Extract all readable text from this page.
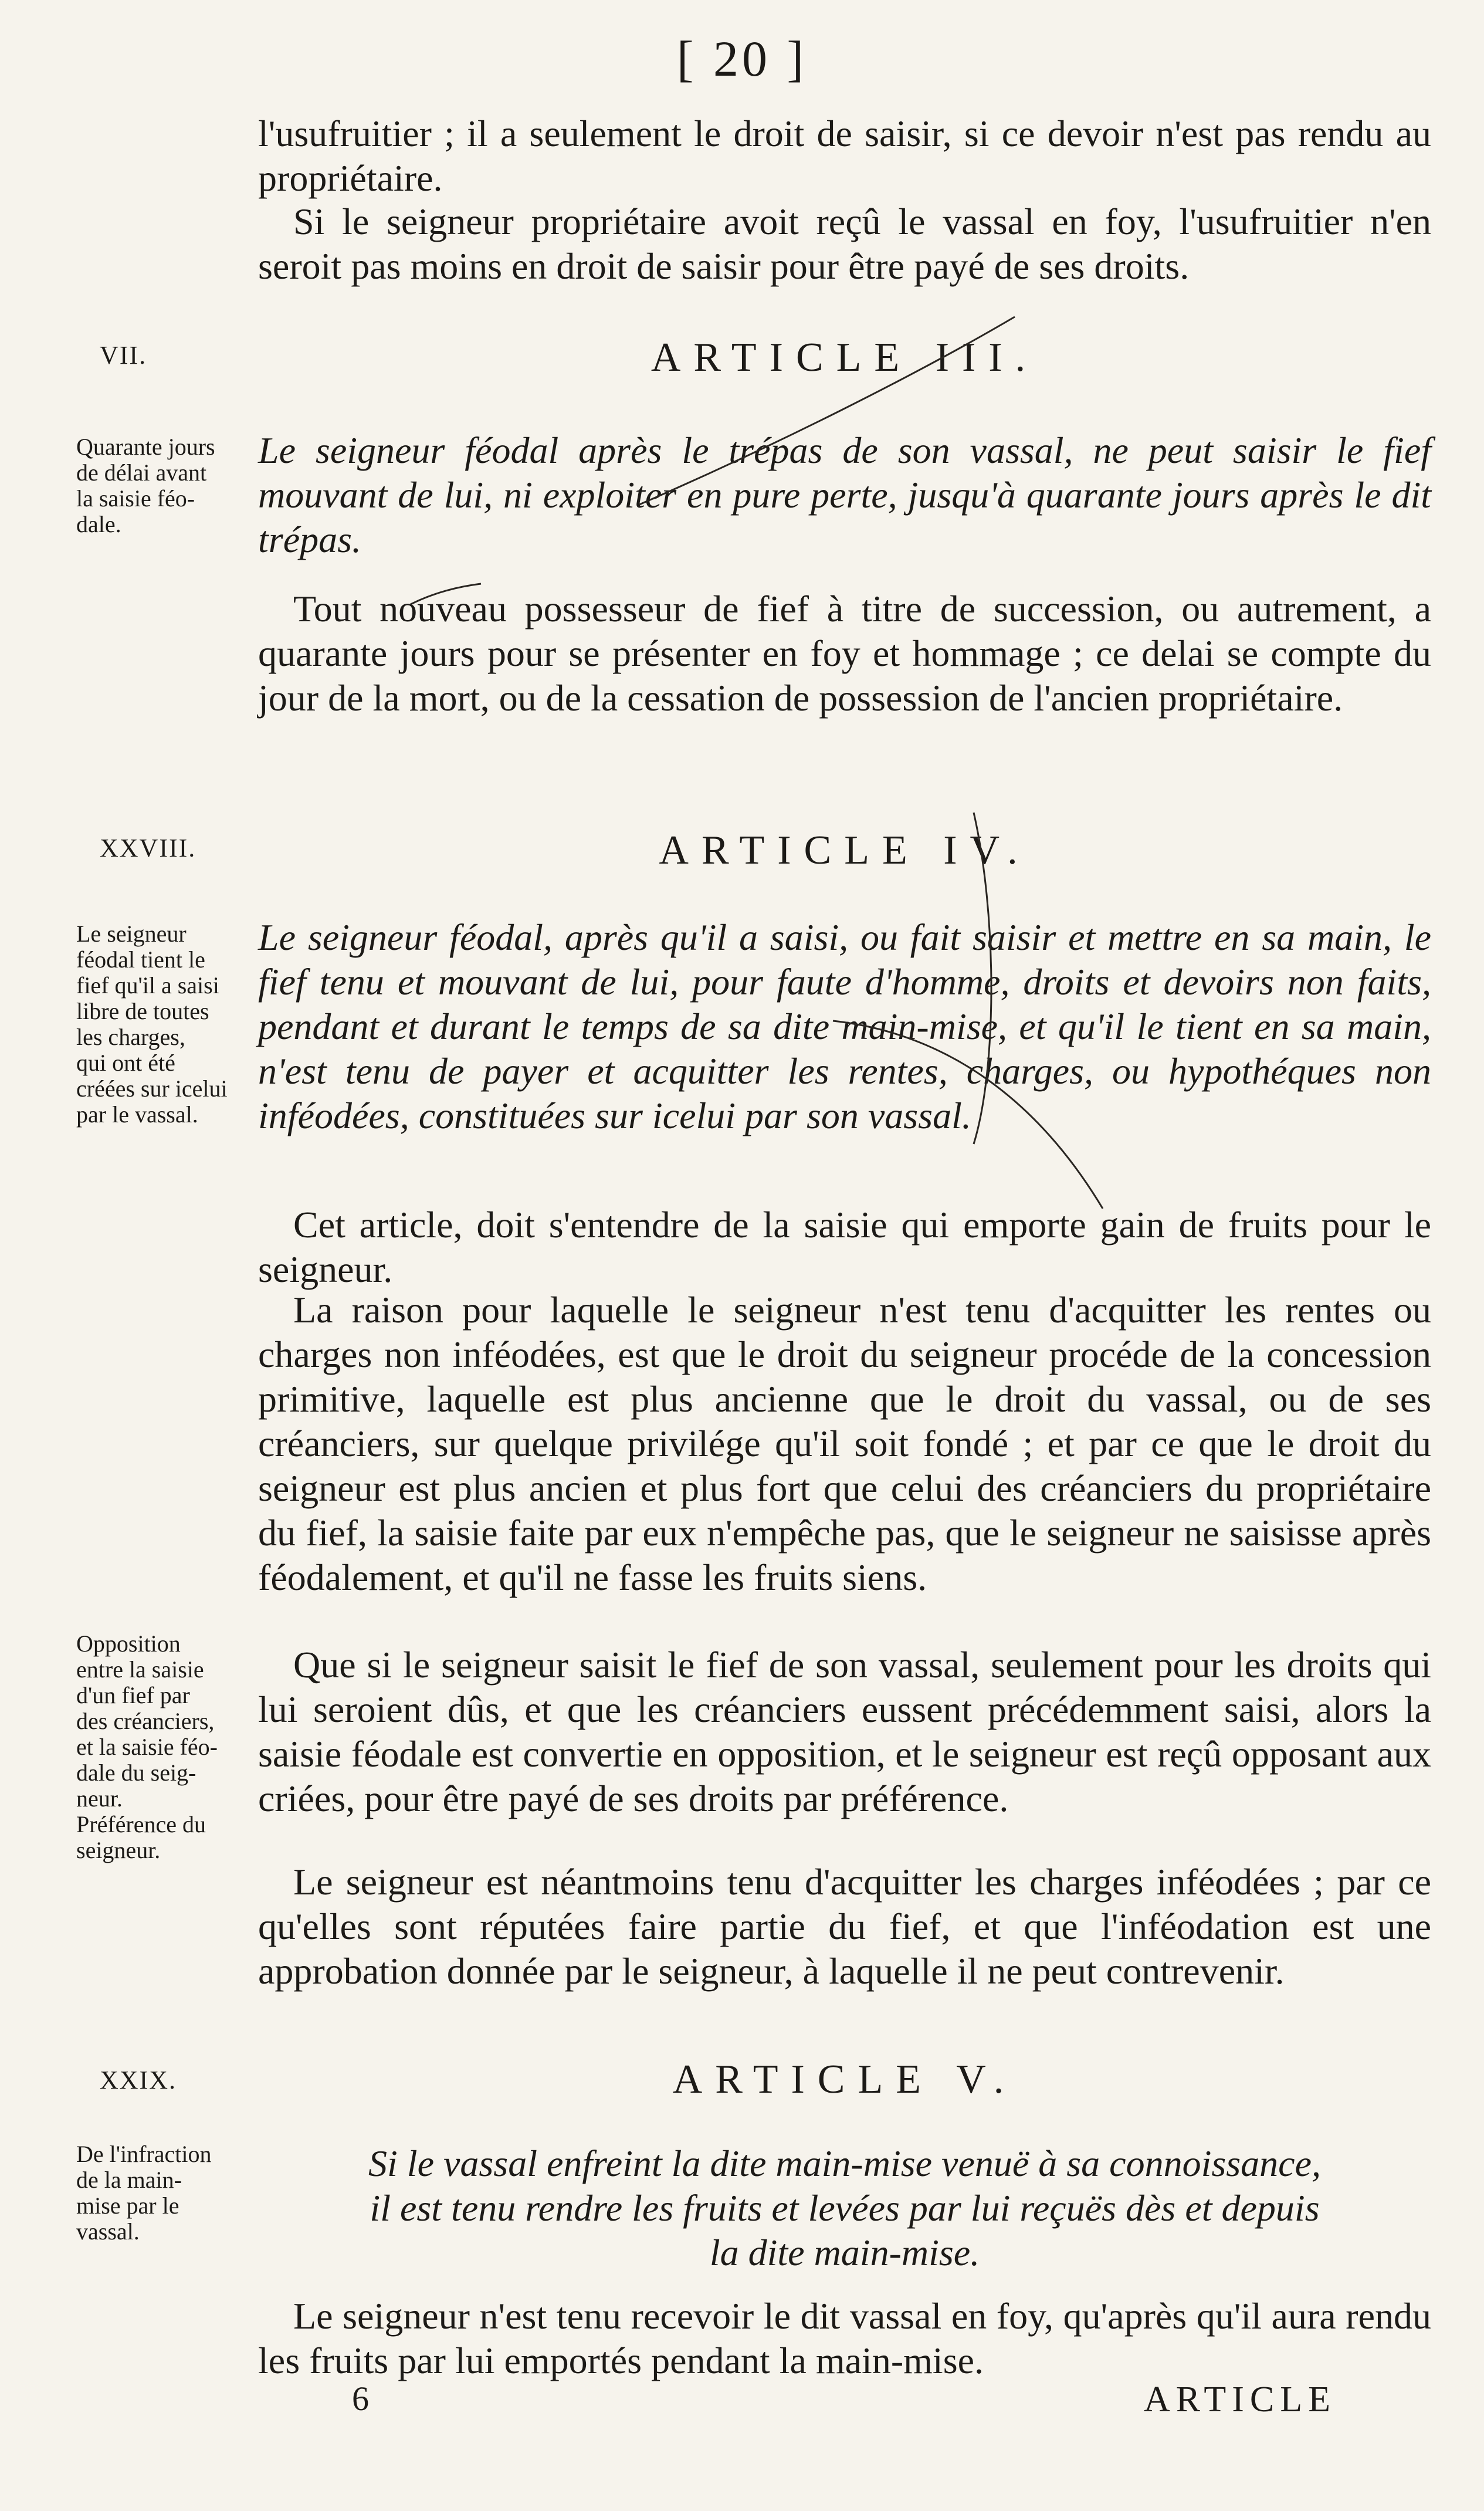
[ 20 ]

l'usufruitier ; il a seulement le droit de saisir, si ce devoir n'est pas rendu au propriétaire.

Si le seigneur propriétaire avoit reçû le vassal en foy, l'usufruitier n'en seroit pas moins en droit de saisir pour être payé de ses droits.

VII.	ARTICLE III.
Quarante jours
de délai avant
la saisie féo-
dale.

Le seigneur féodal après le trépas de son vassal, ne peut saisir le fief mouvant de lui, ni exploiter en pure perte, jusqu'à quarante jours après le dit trépas.

Tout nouveau possesseur de fief à titre de succession, ou autrement, a quarante jours pour se présenter en foy et hommage ; ce delai se compte du jour de la mort, ou de la cessation de possession de l'ancien propriétaire.

XXVIII.	ARTICLE IV.
Le seigneur
féodal tient le
fief qu'il a saisi
libre de toutes
les charges,
qui ont été
créées sur icelui
par le vassal.

Le seigneur féodal, après qu'il a saisi, ou fait saisir et mettre en sa main, le fief tenu et mouvant de lui, pour faute d'homme, droits et devoirs non faits, pendant et durant le temps de sa dite main-mise, et qu'il le tient en sa main, n'est tenu de payer et acquitter les rentes, charges, ou hypothéques non inféodées, constituées sur icelui par son vassal.

Cet article, doit s'entendre de la saisie qui emporte gain de fruits pour le seigneur.

La raison pour laquelle le seigneur n'est tenu d'acquitter les rentes ou charges non inféodées, est que le droit du seigneur procéde de la concession primitive, laquelle est plus ancienne que le droit du vassal, ou de ses créanciers, sur quelque privilége qu'il soit fondé ; et par ce que le droit du seigneur est plus ancien et plus fort que celui des créanciers du propriétaire du fief, la saisie faite par eux n'empêche pas, que le seigneur ne saisisse après féodalement, et qu'il ne fasse les fruits siens.

Que si le seigneur saisit le fief de son vassal, seulement pour les droits qui lui seroient dûs, et que les créanciers eussent précédemment saisi, alors la saisie féodale est convertie en opposition, et le seigneur est reçû opposant aux criées, pour être payé de ses droits par préférence.

Le seigneur est néantmoins tenu d'acquitter les charges inféodées ; par ce qu'elles sont réputées faire partie du fief, et que l'inféodation est une approbation donnée par le seigneur, à laquelle il ne peut contrevenir.

Opposition
entre la saisie
d'un fief par
des créanciers,
et la saisie féo-
dale du seig-
neur.
Préférence du
seigneur.
XXIX.	ARTICLE V.
De l'infraction
de la main-
mise par le
vassal.
Si le vassal enfreint la dite main-mise venuë à sa connoissance,
il est tenu rendre les fruits et levées par lui reçuës dès et depuis
la dite main-mise.

Le seigneur n'est tenu recevoir le dit vassal en foy, qu'après qu'il aura rendu les fruits par lui emportés pendant la main-mise.

6	ARTICLE
